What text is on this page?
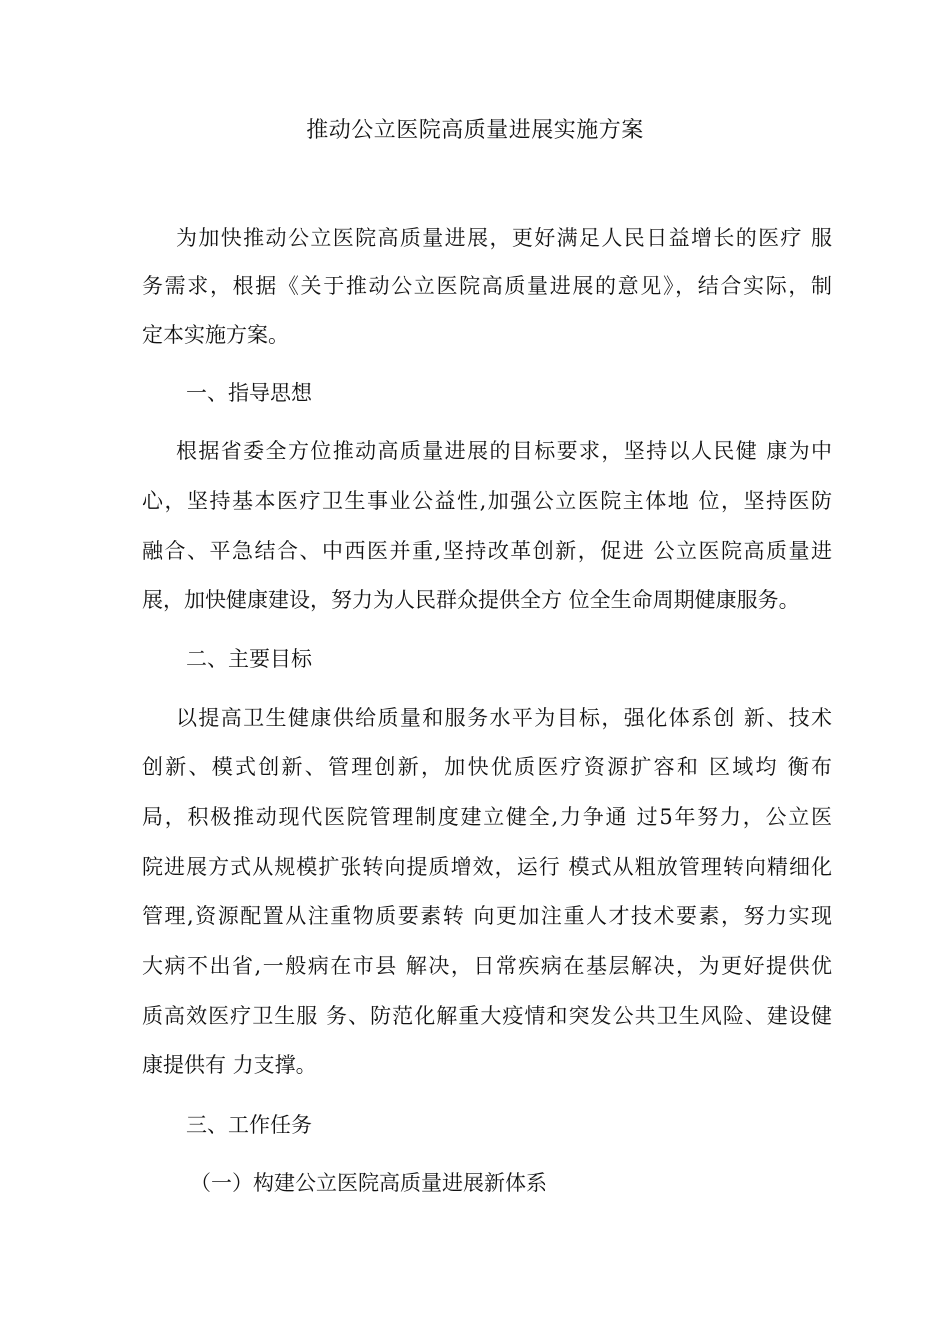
推动公立医院高质量进展实施方案
为加快推动公立医院高质量进展，更好满足人民日益增长的医疗 服
务需求，根据《关于推动公立医院高质量进展的意见》，结合实际，制
定本实施方案。
一、指导思想
根据省委全方位推动高质量进展的目标要求，坚持以人民健 康为中
心，坚持基本医疗卫生事业公益性,加强公立医院主体地 位，坚持医防
融合、平急结合、中西医并重,坚持改革创新，促进 公立医院高质量进
展，加快健康建设，努力为人民群众提供全方 位全生命周期健康服务。
二、主要目标
以提高卫生健康供给质量和服务水平为目标，强化体系创 新、技术
创新、模式创新、管理创新，加快优质医疗资源扩容和 区域均 衡布
局，积极推动现代医院管理制度建立健全,力争通 过5年努力，公立医
院进展方式从规模扩张转向提质增效，运行 模式从粗放管理转向精细化
管理,资源配置从注重物质要素转 向更加注重人才技术要素，努力实现
大病不出省,一般病在市县 解决，日常疾病在基层解决，为更好提供优
质高效医疗卫生服 务、防范化解重大疫情和突发公共卫生风险、建设健
康提供有 力支撑。
三、工作任务
（一）构建公立医院高质量进展新体系
